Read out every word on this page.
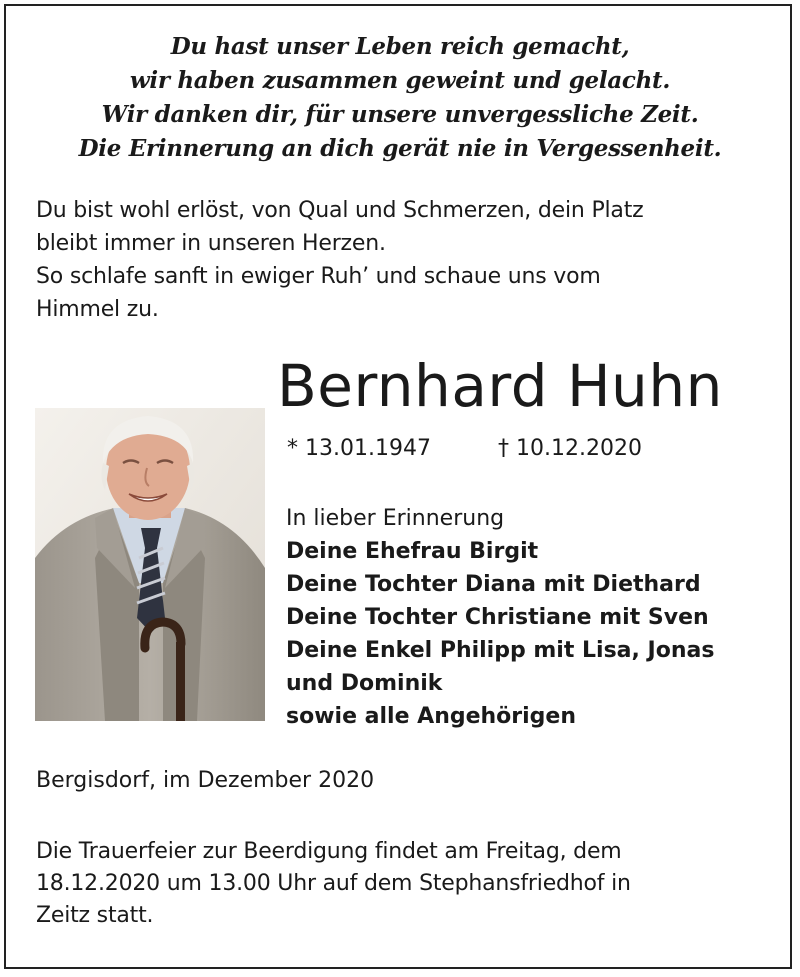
Du hast unser Leben reich gemacht,
wir haben zusammen geweint und gelacht.
Wir danken dir, für unsere unvergessliche Zeit.
Die Erinnerung an dich gerät nie in Vergessenheit.
Du bist wohl erlöst, von Qual und Schmerzen, dein Platz
bleibt immer in unseren Herzen.
So schlafe sanft in ewiger Ruh’ und schaue uns vom
Himmel zu.
Bernhard Huhn
* 13.01.1947	† 10.12.2020
In lieber Erinnerung
Deine Ehefrau Birgit
Deine Tochter Diana mit Diethard
Deine Tochter Christiane mit Sven
Deine Enkel Philipp mit Lisa, Jonas
und Dominik
sowie alle Angehörigen
Bergisdorf, im Dezember 2020
Die Trauerfeier zur Beerdigung findet am Freitag, dem
18.12.2020 um 13.00 Uhr auf dem Stephansfriedhof in
Zeitz statt.
